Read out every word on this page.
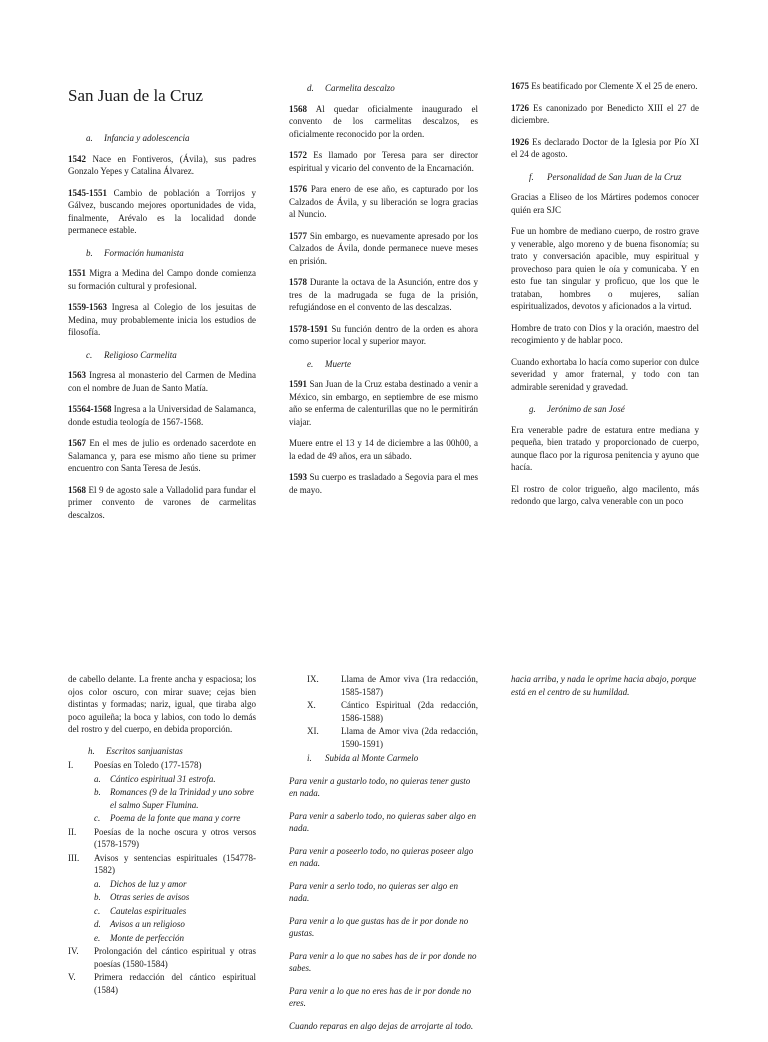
San Juan de la Cruz
a. Infancia y adolescencia

1542 Nace en Fontiveros, (Ávila), sus padres Gonzalo Yepes y Catalina Álvarez.

1545-1551 Cambio de población a Torrijos y Gálvez, buscando mejores oportunidades de vida, finalmente, Arévalo es la localidad donde permanece estable.

b. Formación humanista

1551 Migra a Medina del Campo donde comienza su formación cultural y profesional.

1559-1563 Ingresa al Colegio de los jesuitas de Medina, muy probablemente inicia los estudios de filosofía.

c. Religioso Carmelita

1563 Ingresa al monasterio del Carmen de Medina con el nombre de Juan de Santo Matía.

15564-1568 Ingresa a la Universidad de Salamanca, donde estudia teología de 1567-1568.

1567 En el mes de julio es ordenado sacerdote en Salamanca y, para ese mismo año tiene su primer encuentro con Santa Teresa de Jesús.

1568 El 9 de agosto sale a Valladolid para fundar el primer convento de varones de carmelitas descalzos.

d. Carmelita descalzo

1568 Al quedar oficialmente inaugurado el convento de los carmelitas descalzos, es oficialmente reconocido por la orden.

1572 Es llamado por Teresa para ser director espiritual y vicario del convento de la Encarnación.

1576 Para enero de ese año, es capturado por los Calzados de Ávila, y su liberación se logra gracias al Nuncio.

1577 Sin embargo, es nuevamente apresado por los Calzados de Ávila, donde permanece nueve meses en prisión.

1578 Durante la octava de la Asunción, entre dos y tres de la madrugada se fuga de la prisión, refugiándose en el convento de las descalzas.

1578-1591 Su función dentro de la orden es ahora como superior local y superior mayor.

e. Muerte

1591 San Juan de la Cruz estaba destinado a venir a México, sin embargo, en septiembre de ese mismo año se enferma de calenturillas que no le permitirán viajar.

Muere entre el 13 y 14 de diciembre a las 00h00, a la edad de 49 años, era un sábado.

1593 Su cuerpo es trasladado a Segovia para el mes de mayo.

1675 Es beatificado por Clemente X el 25 de enero.

1726 Es canonizado por Benedicto XIII el 27 de diciembre.

1926 Es declarado Doctor de la Iglesia por Pío XI el 24 de agosto.

f. Personalidad de San Juan de la Cruz

Gracias a Eliseo de los Mártires podemos conocer quién era SJC

Fue un hombre de mediano cuerpo, de rostro grave y venerable, algo moreno y de buena fisonomía; su trato y conversación apacible, muy espiritual y provechoso para quien le oía y comunicaba. Y en esto fue tan singular y proficuo, que los que le trataban, hombres o mujeres, salían espiritualizados, devotos y aficionados a la virtud.

Hombre de trato con Dios y la oración, maestro del recogimiento y de hablar poco.

Cuando exhortaba lo hacía como superior con dulce severidad y amor fraternal, y todo con tan admirable serenidad y gravedad.

g. Jerónimo de san José

Era venerable padre de estatura entre mediana y pequeña, bien tratado y proporcionado de cuerpo, aunque flaco por la rigurosa penitencia y ayuno que hacía.

El rostro de color trigueño, algo macilento, más redondo que largo, calva venerable con un poco

de cabello delante. La frente ancha y espaciosa; los ojos color oscuro, con mirar suave; cejas bien distintas y formadas; nariz, igual, que tiraba algo poco aguileña; la boca y labios, con todo lo demás del rostro y del cuerpo, en debida proporción.

h. Escritos sanjuanistas
I.	Poesías en Toledo (177-1578)
a.	Cántico espiritual 31 estrofa.
b.	Romances (9 de la Trinidad y uno sobre el salmo Super Flumina.
c.	Poema de la fonte que mana y corre
II.	Poesías de la noche oscura y otros versos (1578-1579)
III.	Avisos y sentencias espirituales (154778-1582)
a.	Dichos de luz y amor
b.	Otras series de avisos
c.	Cautelas espirituales
d.	Avisos a un religioso
e.	Monte de perfección
IV.	Prolongación del cántico espiritual y otras poesías (1580-1584)
V.	Primera redacción del cántico espiritual (1584)
IX.	Llama de Amor viva (1ra redacción, 1585-1587)
X.	Cántico Espiritual (2da redacción, 1586-1588)
XI.	Llama de Amor viva (2da redacción, 1590-1591)
i. Subida al Monte Carmelo

Para venir a gustarlo todo, no quieras tener gusto en nada.

Para venir a saberlo todo, no quieras saber algo en nada.

Para venir a poseerlo todo, no quieras poseer algo en nada.

Para venir a serlo todo, no quieras ser algo en nada.

Para venir a lo que gustas has de ir por donde no gustas.

Para venir a lo que no sabes has de ir por donde no sabes.

Para venir a lo que no eres has de ir por donde no eres.

Cuando reparas en algo dejas de arrojarte al todo.

hacia arriba, y nada le oprime hacia abajo, porque está en el centro de su humildad.
